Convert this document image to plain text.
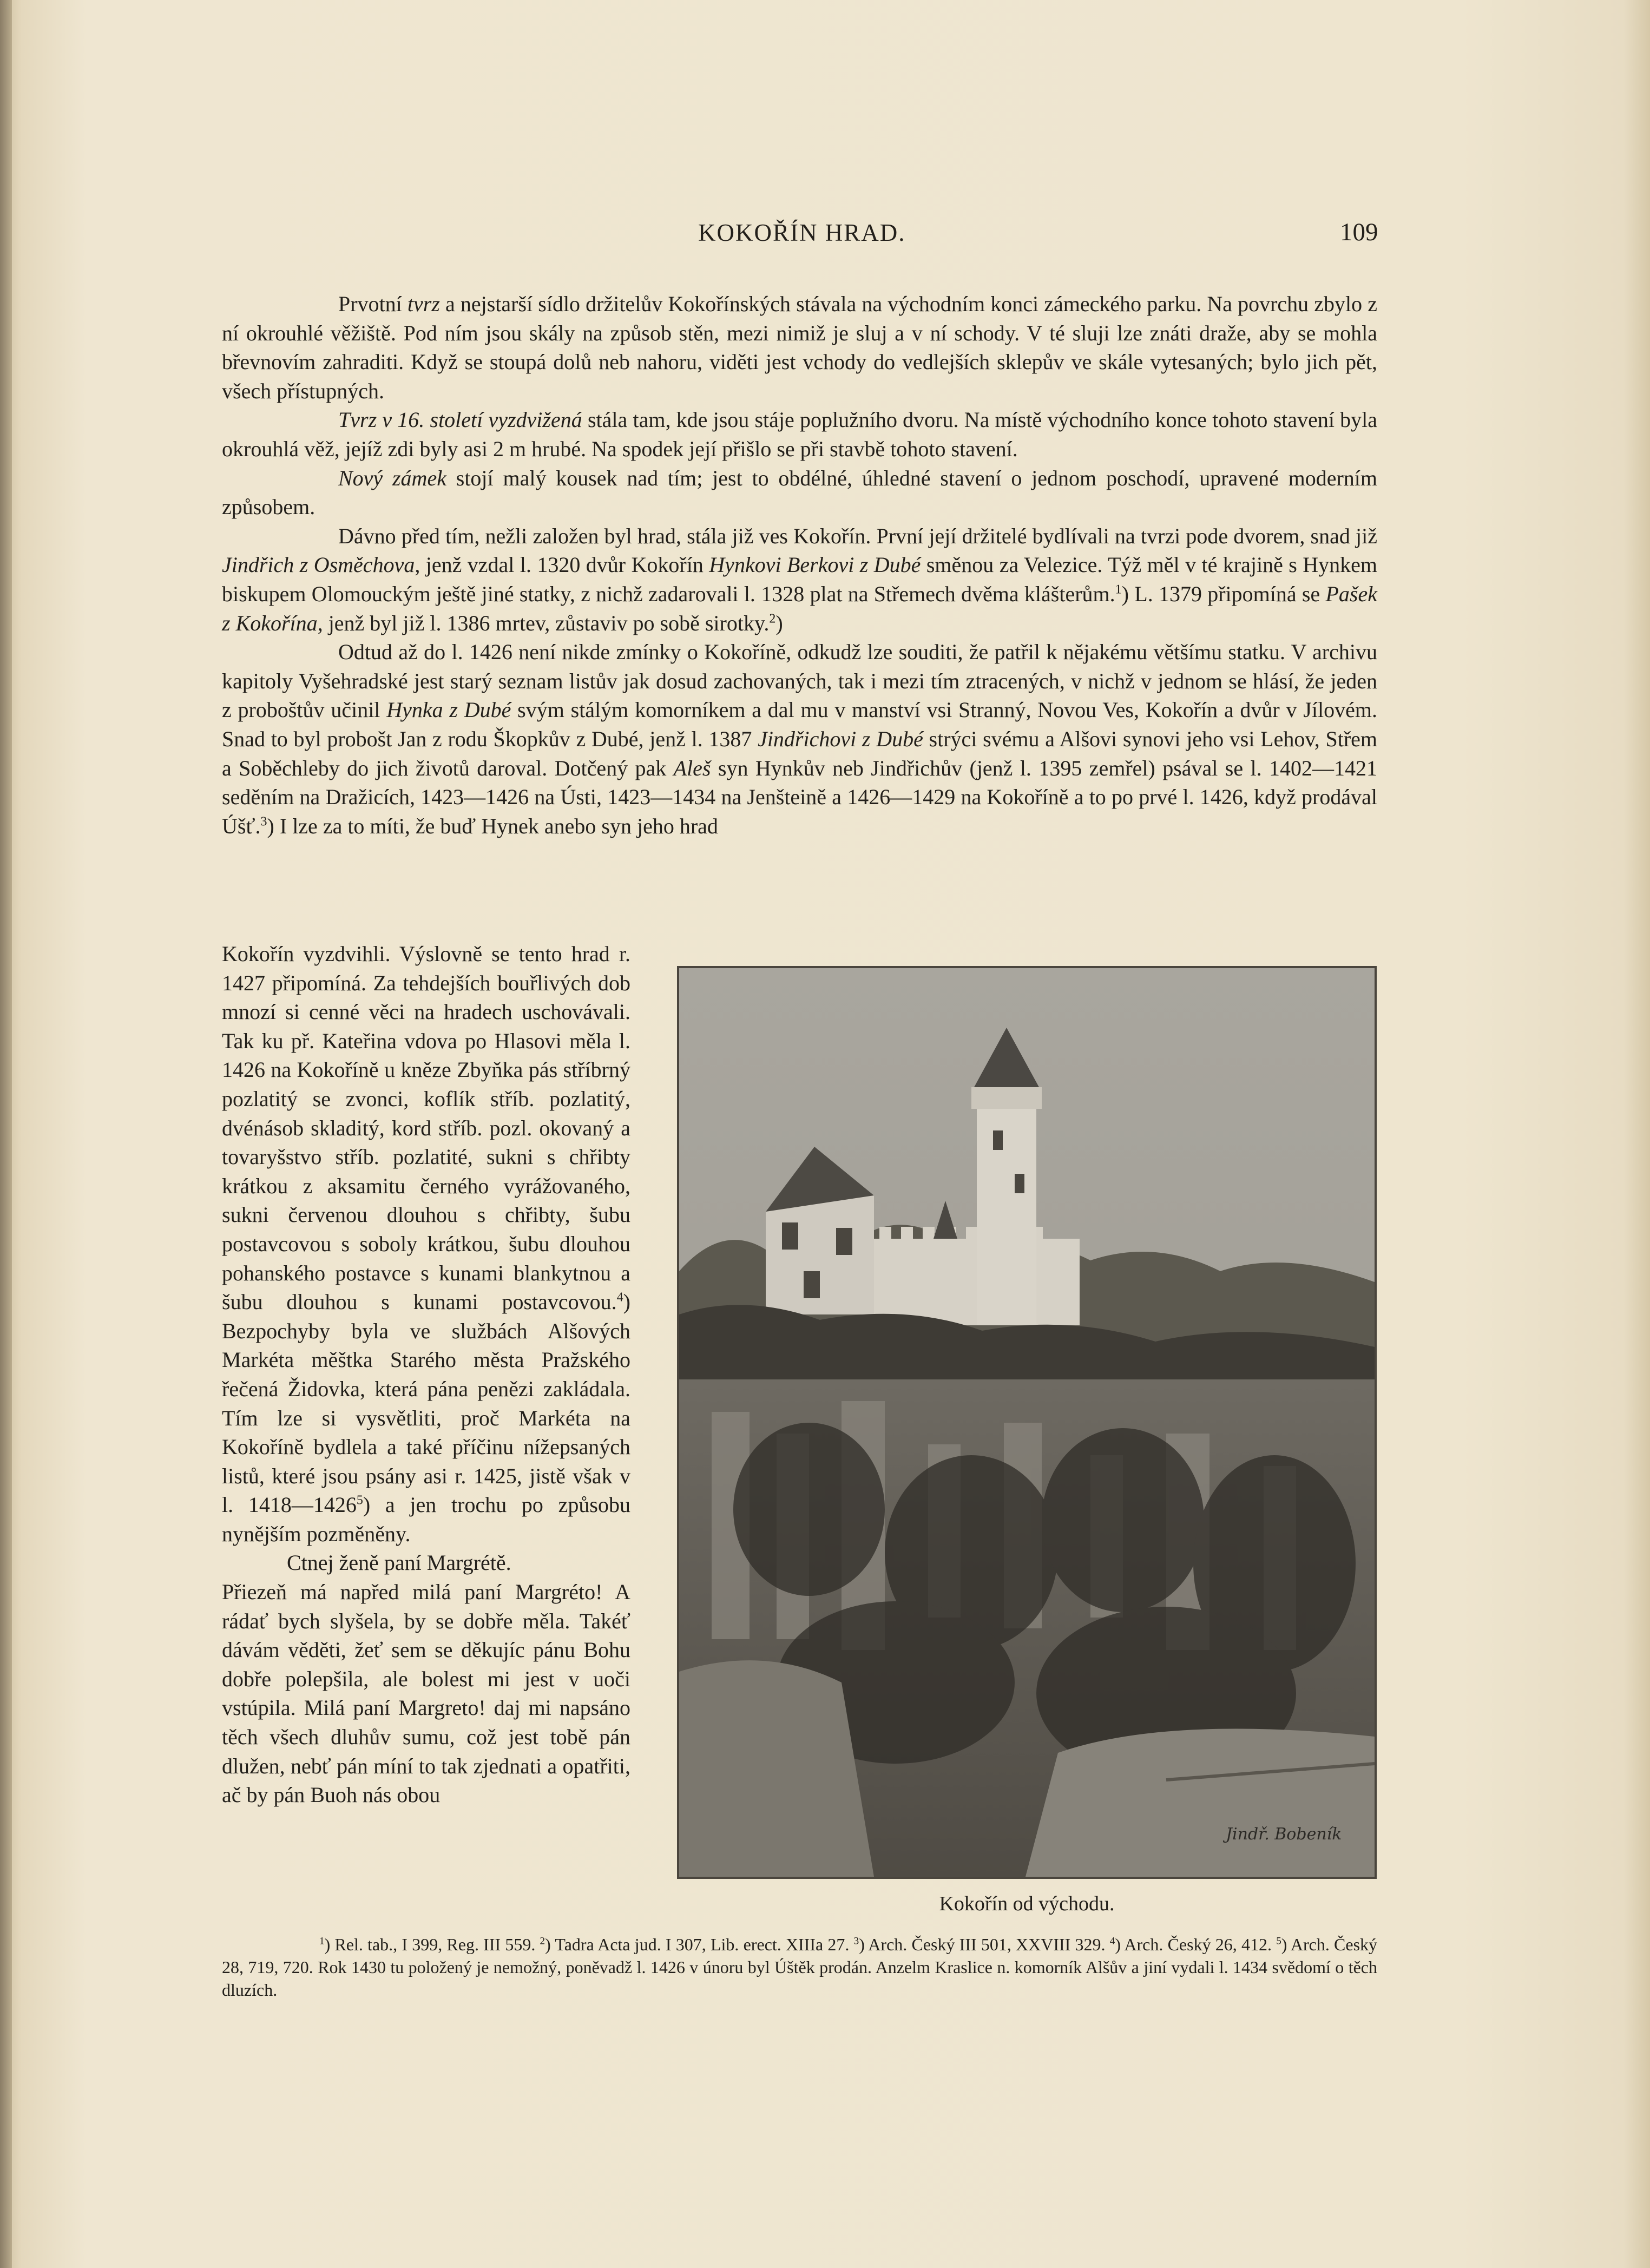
KOKOŘÍN HRAD.	109

Prvotní tvrz a nejstarší sídlo držitelův Kokořínských stávala na východním konci zámeckého parku. Na povrchu zbylo z ní okrouhlé věžiště. Pod ním jsou skály na způsob stěn, mezi nimiž je sluj a v ní schody. V té sluji lze znáti draže, aby se mohla břevnovím zahraditi. Když se stoupá dolů neb nahoru, viděti jest vchody do vedlejších sklepův ve skále vytesaných; bylo jich pět, všech přístupných.

Tvrz v 16. století vyzdvižená stála tam, kde jsou stáje poplužního dvoru. Na místě východního konce tohoto stavení byla okrouhlá věž, jejíž zdi byly asi 2 m hrubé. Na spodek její přišlo se při stavbě tohoto stavení.

Nový zámek stojí malý kousek nad tím; jest to obdélné, úhledné stavení o jednom poschodí, upravené moderním způsobem.

Dávno před tím, nežli založen byl hrad, stála již ves Kokořín. První její držitelé bydlívali na tvrzi pode dvorem, snad již Jindřich z Osměchova, jenž vzdal l. 1320 dvůr Kokořín Hynkovi Berkovi z Dubé směnou za Velezice. Týž měl v té krajině s Hynkem biskupem Olomouckým ještě jiné statky, z nichž zadarovali l. 1328 plat na Střemech dvěma klášterům.$^1$) L. 1379 připomíná se Pašek z Kokořína, jenž byl již l. 1386 mrtev, zůstaviv po sobě sirotky.$^2$)

Odtud až do l. 1426 není nikde zmínky o Kokoříně, odkudž lze souditi, že patřil k nějakému většímu statku. V archivu kapitoly Vyšehradské jest starý seznam listův jak dosud zachovaných, tak i mezi tím ztracených, v nichž v jednom se hlásí, že jeden z proboštův učinil Hynka z Dubé svým stálým komorníkem a dal mu v manství vsi Stranný, Novou Ves, Kokořín a dvůr v Jílovém. Snad to byl probošt Jan z rodu Škopkův z Dubé, jenž l. 1387 Jindřichovi z Dubé strýci svému a Alšovi synovi jeho vsi Lehov, Střem a Soběchleby do jich životů daroval. Dotčený pak Aleš syn Hynkův neb Jindřichův (jenž l. 1395 zemřel) psával se l. 1402—1421 seděním na Dražicích, 1423—1426 na Ústi, 1423—1434 na Jenšteině a 1426—1429 na Kokoříně a to po prvé l. 1426, když prodával Úšť.$^3$) I lze za to míti, že buď Hynek anebo syn jeho hrad

Kokořín vyzdvihli. Výslovně se tento hrad r. 1427 připomíná. Za tehdejších bouřlivých dob mnozí si cenné věci na hradech uschovávali. Tak ku př. Kateřina vdova po Hlasovi měla l. 1426 na Kokoříně u kněze Zbyňka pás stříbrný pozlatitý se zvonci, koflík stříb. pozlatitý, dvénásob skladitý, kord stříb. pozl. okovaný a tovaryšstvo stříb. pozlatité, sukni s chřibty krátkou z aksamitu černého vyrážovaného, sukni červenou dlouhou s chřibty, šubu postavcovou s soboly krátkou, šubu dlouhou pohanského postavce s kunami blankytnou a šubu dlouhou s kunami postavcovou.$^4$) Bezpochyby byla ve službách Alšových Markéta měštka Starého města Pražského řečená Židovka, která pána penězi zakládala. Tím lze si vysvětliti, proč Markéta na Kokoříně bydlela a také příčinu nížepsaných listů, které jsou psány asi r. 1425, jistě však v l. 1418—1426$^5$) a jen trochu po způsobu nynějším pozměněny.

Ctnej ženě paní Margrétě.

Přiezeň má napřed milá paní Margréto! A rádať bych slyšela, by se dobře měla. Takéť dávám věděti, žeť sem se děkujíc pánu Bohu dobře polepšila, ale bolest mi jest v uoči vstúpila. Milá paní Margreto! daj mi napsáno těch všech dluhův sumu, což jest tobě pán dlužen, nebť pán míní to tak zjednati a opatřiti, ač by pán Buoh nás obou

Jindř. Bobeník
Kokořín od východu.

$^1$) Rel. tab., I 399, Reg. III 559. $^2$) Tadra Acta jud. I 307, Lib. erect. XIIIa 27. $^3$) Arch. Český III 501, XXVIII 329. $^4$) Arch. Český 26, 412. $^5$) Arch. Český 28, 719, 720. Rok 1430 tu položený je nemožný, poněvadž l. 1426 v únoru byl Úštěk prodán. Anzelm Kraslice n. komorník Alšův a jiní vydali l. 1434 svědomí o těch dluzích.
